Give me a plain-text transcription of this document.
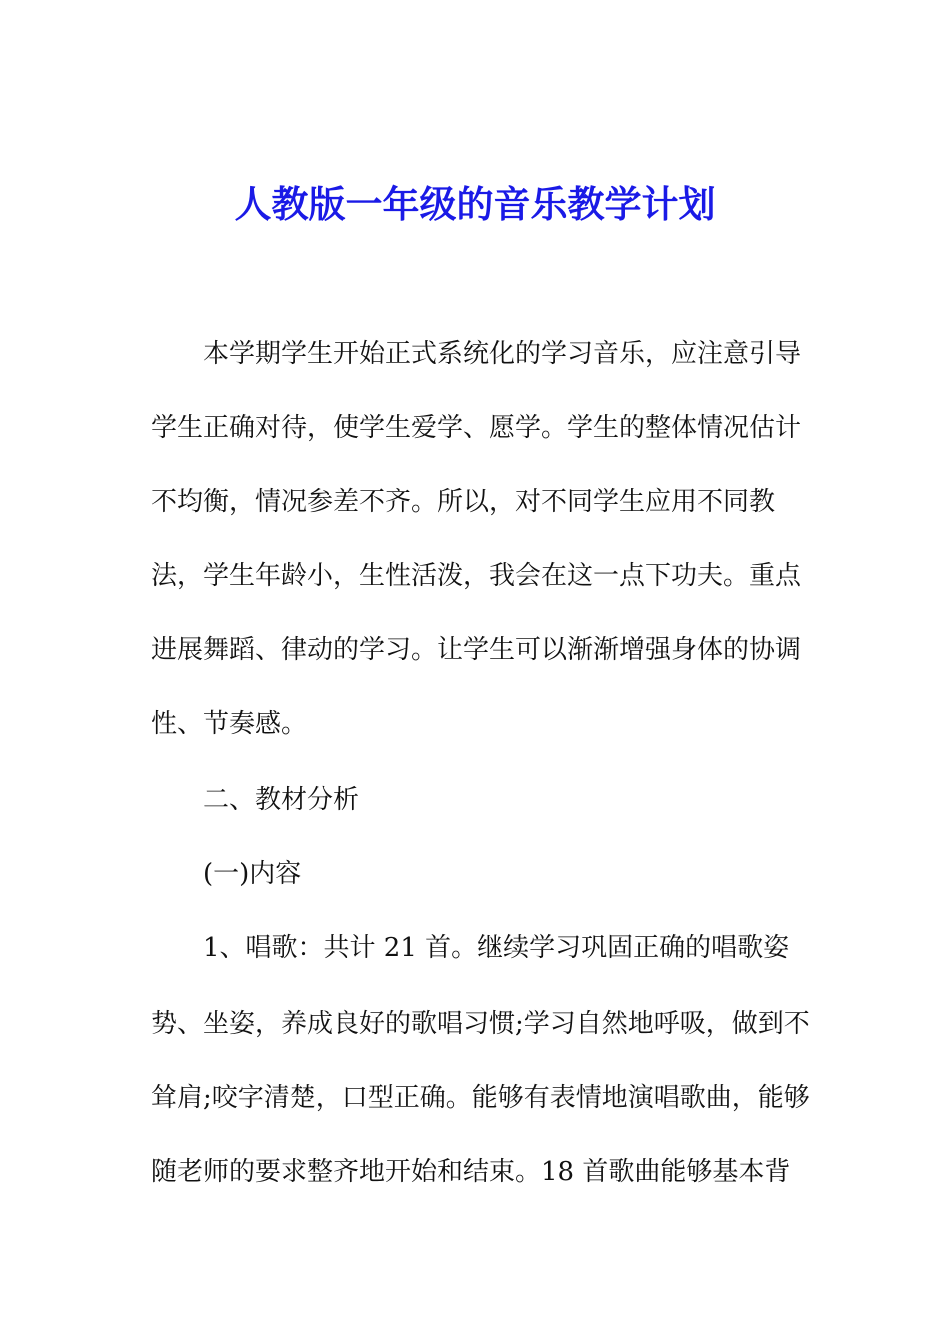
人教版一年级的音乐教学计划
本学期学生开始正式系统化的学习音乐，应注意引导
学生正确对待，使学生爱学、愿学。学生的整体情况估计
不均衡，情况参差不齐。所以，对不同学生应用不同教
法，学生年龄小，生性活泼，我会在这一点下功夫。重点
进展舞蹈、律动的学习。让学生可以渐渐增强身体的协调
性、节奏感。
二、教材分析
(一)内容
1、唱歌：共计 21 首。继续学习巩固正确的唱歌姿
势、坐姿，养成良好的歌唱习惯;学习自然地呼吸，做到不
耸肩;咬字清楚，口型正确。能够有表情地演唱歌曲，能够
随老师的要求整齐地开始和结束。18 首歌曲能够基本背
